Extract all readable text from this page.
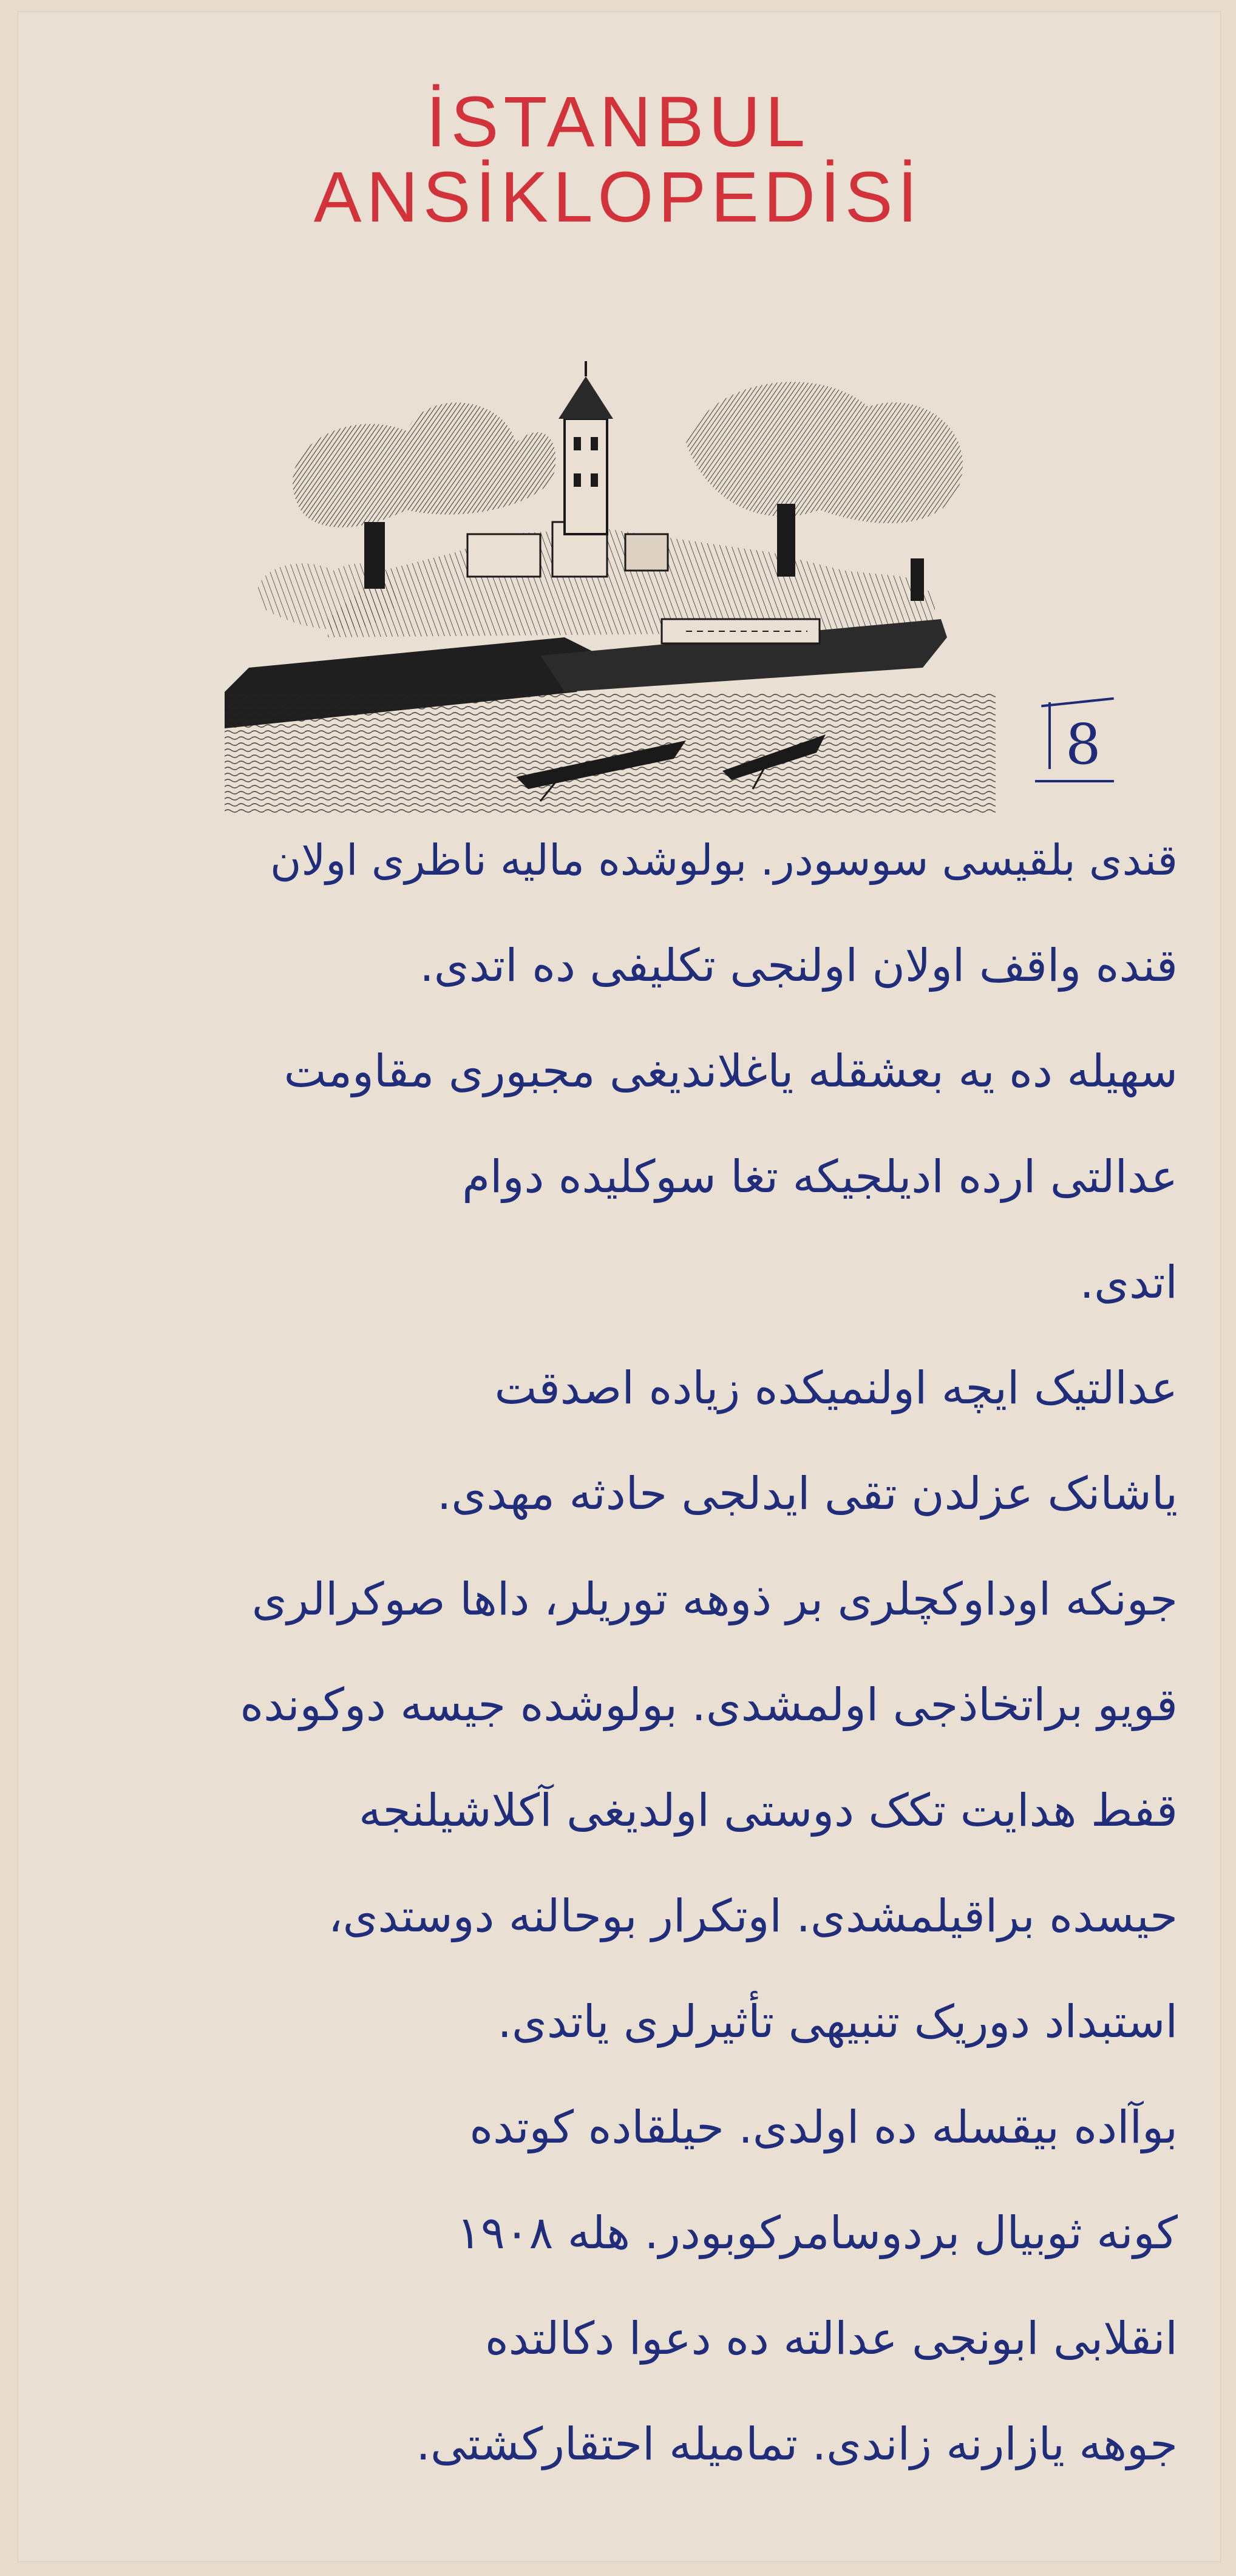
İSTANBUL
ANSİKLOPEDİSİ
8
قندی بلقیسی سوسودر. بولوشده مالیه ناظری اولان
قنده واقف اولان اولنجی تکلیفی ده اتدی.
سهیله ده یه بعشقله یاغلاندیغی مجبوری مقاومت
عدالتی ارده ادیلجیکه تغا سوکلیده دوام
اتدی.
عدالتیک ایچه اولنمیکده زیاده اصدقت
یاشانک عزلدن تقی ایدلجی حادثه مهدی.
جونکه اوداوکچلری بر ذوهه توریلر، داها صوکرالری
قویو براتخاذجی اولمشدی. بولوشده جیسه دوکونده
قفط هدایت تکک دوستی اولدیغی آکلاشیلنجه
حیسده براقیلمشدی. اوتکرار بوحالنه دوستدی،
استبداد دوریک تنبیهی تأثیرلری یاتدی.
بوآاده بیقسله ده اولدی. حیلقاده کوتده
کونه ثوبیال بردوسامرکوبودر. هله ١٩٠٨
انقلابی ابونجی عدالته ده دعوا دکالتده
جوهه یازارنه زاندی. تمامیله احتقارکشتی.
